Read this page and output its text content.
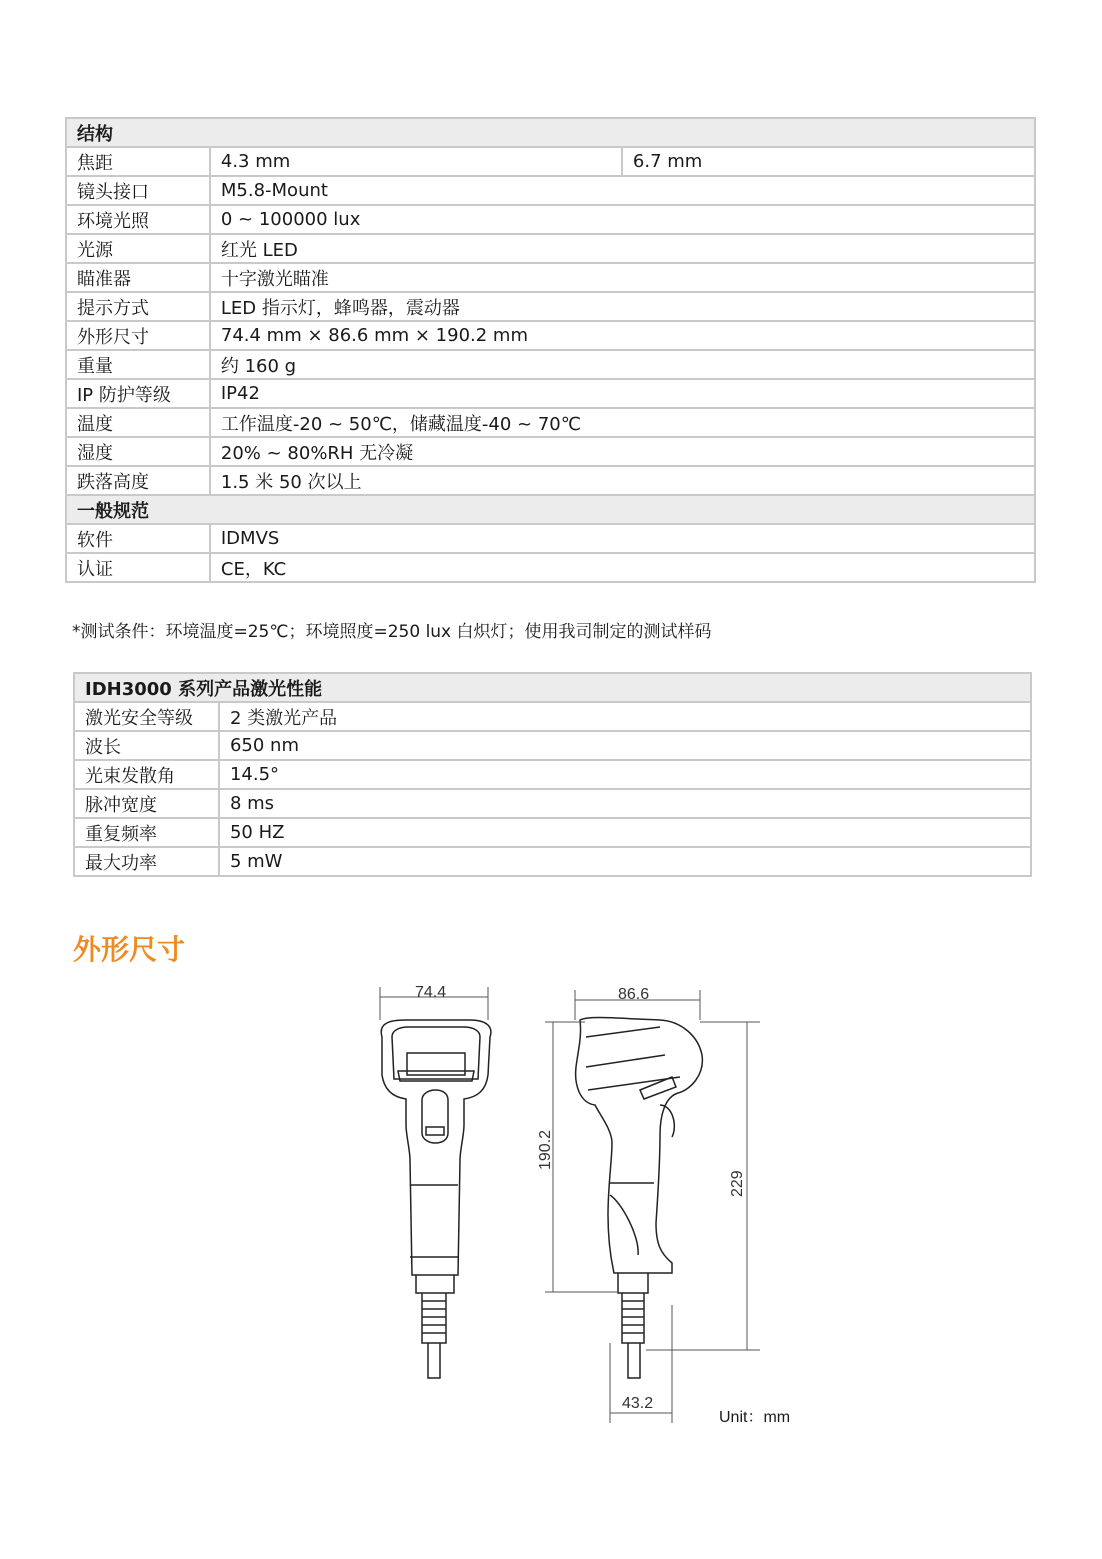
结构		
焦距	4.3 mm	6.7 mm
镜头接口	M5.8-Mount	
环境光照	0 ~ 100000 lux	
光源	红光 LED	
瞄准器	十字激光瞄准	
提示方式	LED 指示灯，蜂鸣器，震动器	
外形尺寸	74.4 mm × 86.6 mm × 190.2 mm	
重量	约 160 g	
IP 防护等级	IP42	
温度	工作温度-20 ~ 50℃，储藏温度-40 ~ 70℃	
湿度	20% ~ 80%RH 无冷凝	
跌落高度	1.5 米 50 次以上	
一般规范		
软件	IDMVS	
认证	CE，KC	
*测试条件：环境温度=25℃；环境照度=250 lux 白炽灯；使用我司制定的测试样码
IDH3000 系列产品激光性能	
激光安全等级	2 类激光产品
波长	650 nm
光束发散角	14.5°
脉冲宽度	8 ms
重复频率	50 HZ
最大功率	5 mW
外形尺寸
74.4	86.6
190.2
229
43.2
Unit：mm
